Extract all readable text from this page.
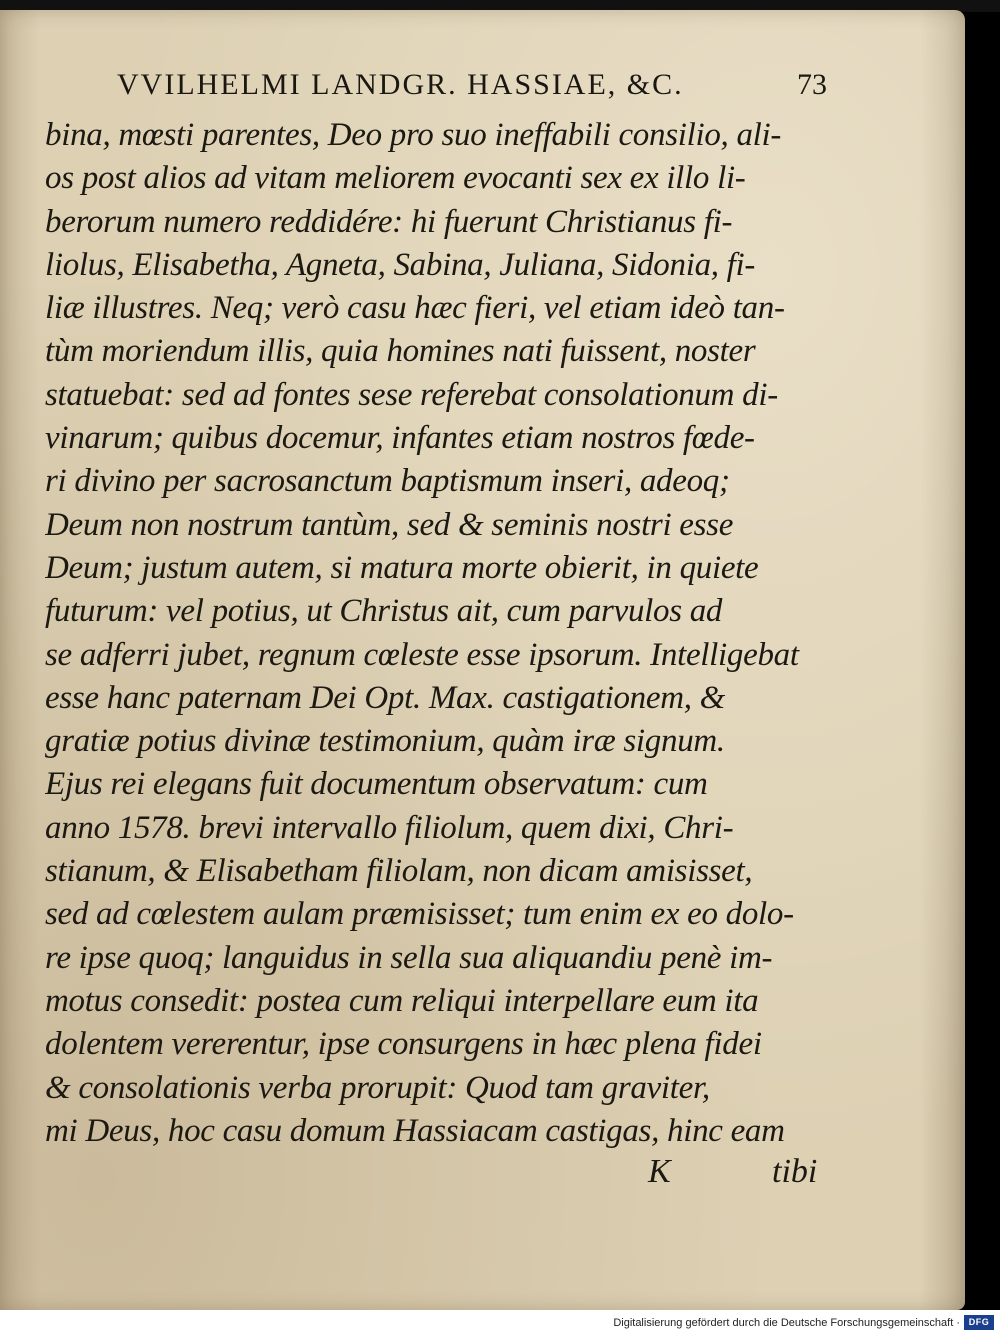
VVILHELMI LANDGR. HASSIAE, &C.	73
bina, mœsti parentes, Deo pro suo ineffabili consilio, ali-
os post alios ad vitam meliorem evocanti sex ex illo li-
berorum numero reddidére: hi fuerunt Christianus fi-
liolus, Elisabetha, Agneta, Sabina, Juliana, Sidonia, fi-
liæ illustres. Neq; verò casu hæc fieri, vel etiam ideò tan-
tùm moriendum illis, quia homines nati fuissent, noster
statuebat: sed ad fontes sese referebat consolationum di-
vinarum; quibus docemur, infantes etiam nostros fœde-
ri divino per sacrosanctum baptismum inseri, adeoq;
Deum non nostrum tantùm, sed & seminis nostri esse
Deum; justum autem, si matura morte obierit, in quiete
futurum: vel potius, ut Christus ait, cum parvulos ad
se adferri jubet, regnum cœleste esse ipsorum. Intelligebat
esse hanc paternam Dei Opt. Max. castigationem, &
gratiæ potius divinæ testimonium, quàm iræ signum.
Ejus rei elegans fuit documentum observatum: cum
anno 1578. brevi intervallo filiolum, quem dixi, Chri-
stianum, & Elisabetham filiolam, non dicam amisisset,
sed ad cœlestem aulam præmisisset; tum enim ex eo dolo-
re ipse quoq; languidus in sella sua aliquandiu penè im-
motus consedit: postea cum reliqui interpellare eum ita
dolentem vererentur, ipse consurgens in hæc plena fidei
& consolationis verba prorupit: Quod tam graviter,
mi Deus, hoc casu domum Hassiacam castigas, hinc eam
K	tibi
Digitalisierung gefördert durch die Deutsche Forschungsgemeinschaft · DFG
